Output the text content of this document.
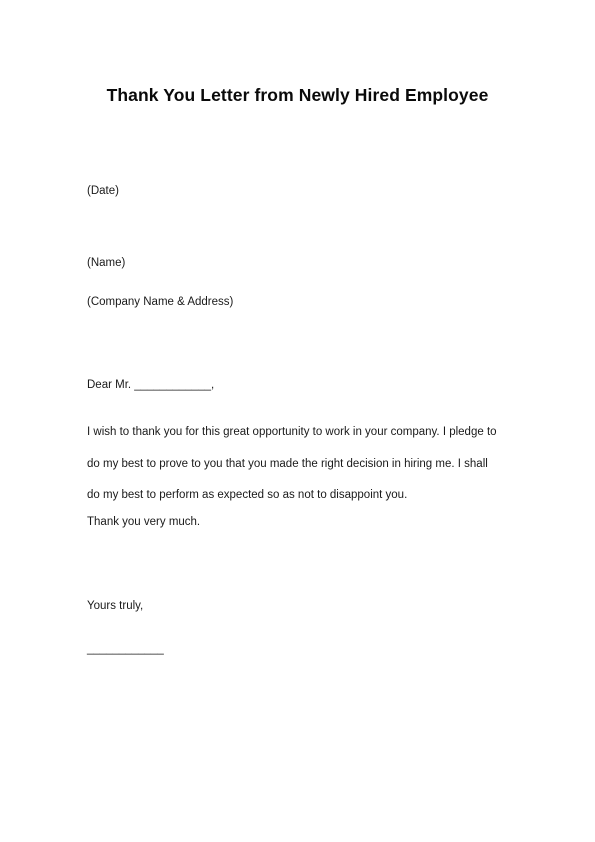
Thank You Letter from Newly Hired Employee
(Date)
(Name)
(Company Name & Address)
Dear Mr. ____________,
I wish to thank you for this great opportunity to work in your company. I pledge to
do my best to prove to you that you made the right decision in hiring me. I shall
do my best to perform as expected so as not to disappoint you.
Thank you very much.
Yours truly,
____________
